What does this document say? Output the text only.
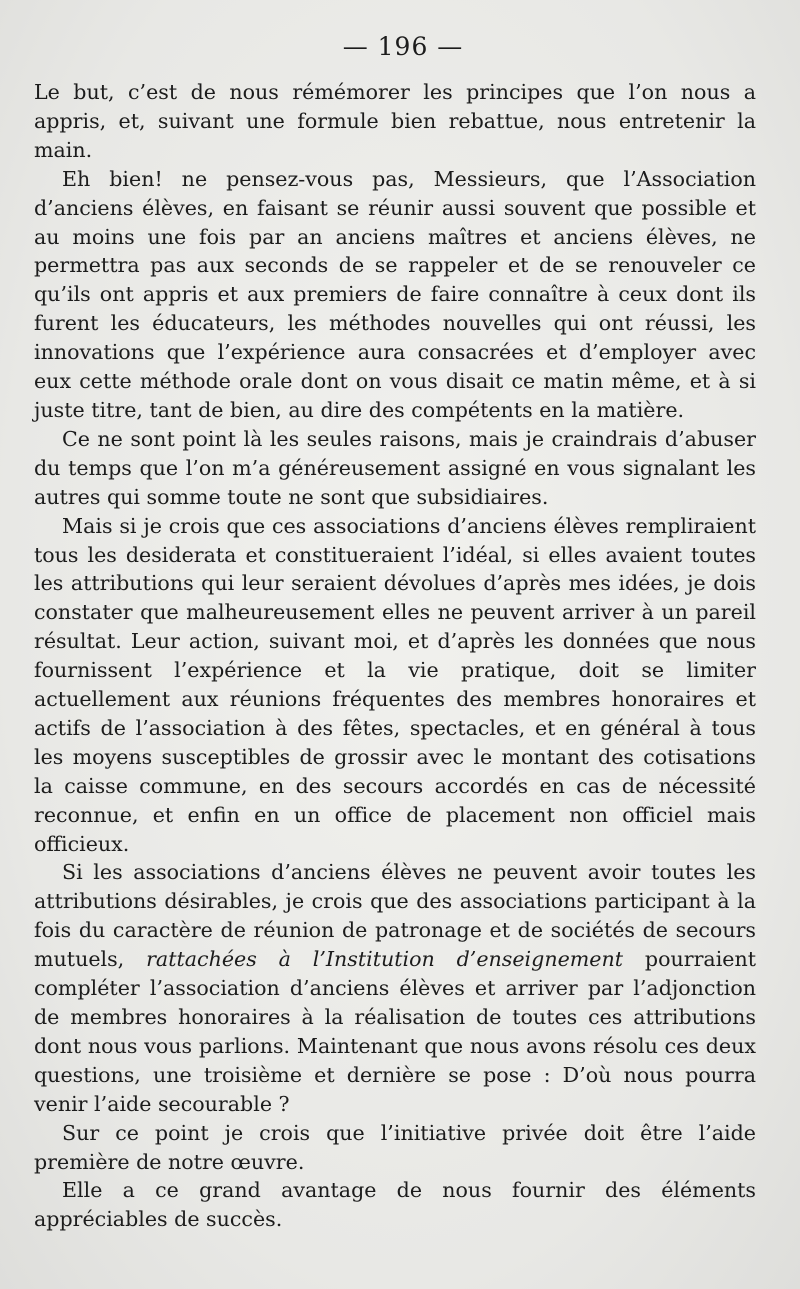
— 196 —

Le but, c’est de nous rémémorer les principes que l’on nous a appris, et, suivant une formule bien rebattue, nous entretenir la main.

Eh bien! ne pensez-vous pas, Messieurs, que l’Association d’anciens élèves, en faisant se réunir aussi souvent que possible et au moins une fois par an anciens maîtres et anciens élèves, ne permettra pas aux seconds de se rappeler et de se renouveler ce qu’ils ont appris et aux premiers de faire connaître à ceux dont ils furent les éducateurs, les méthodes nouvelles qui ont réussi, les innovations que l’expérience aura consacrées et d’employer avec eux cette méthode orale dont on vous disait ce matin même, et à si juste titre, tant de bien, au dire des compétents en la matière.

Ce ne sont point là les seules raisons, mais je craindrais d’abuser du temps que l’on m’a généreusement assigné en vous signalant les autres qui somme toute ne sont que subsidiaires.

Mais si je crois que ces associations d’anciens élèves rempliraient tous les desiderata et constitueraient l’idéal, si elles avaient toutes les attributions qui leur seraient dévolues d’après mes idées, je dois constater que malheureusement elles ne peuvent arriver à un pareil résultat. Leur action, suivant moi, et d’après les données que nous fournissent l’expérience et la vie pratique, doit se limiter actuellement aux réunions fréquentes des membres honoraires et actifs de l’association à des fêtes, spectacles, et en général à tous les moyens susceptibles de grossir avec le montant des cotisations la caisse commune, en des secours accordés en cas de nécessité reconnue, et enfin en un office de placement non officiel mais officieux.

Si les associations d’anciens élèves ne peuvent avoir toutes les attributions désirables, je crois que des associations participant à la fois du caractère de réunion de patronage et de sociétés de secours mutuels, rattachées à l’Institution d’enseignement pourraient compléter l’association d’anciens élèves et arriver par l’adjonction de membres honoraires à la réalisation de toutes ces attributions dont nous vous parlions. Maintenant que nous avons résolu ces deux questions, une troisième et dernière se pose : D’où nous pourra venir l’aide secourable ?

Sur ce point je crois que l’initiative privée doit être l’aide première de notre œuvre.

Elle a ce grand avantage de nous fournir des éléments appréciables de succès.
